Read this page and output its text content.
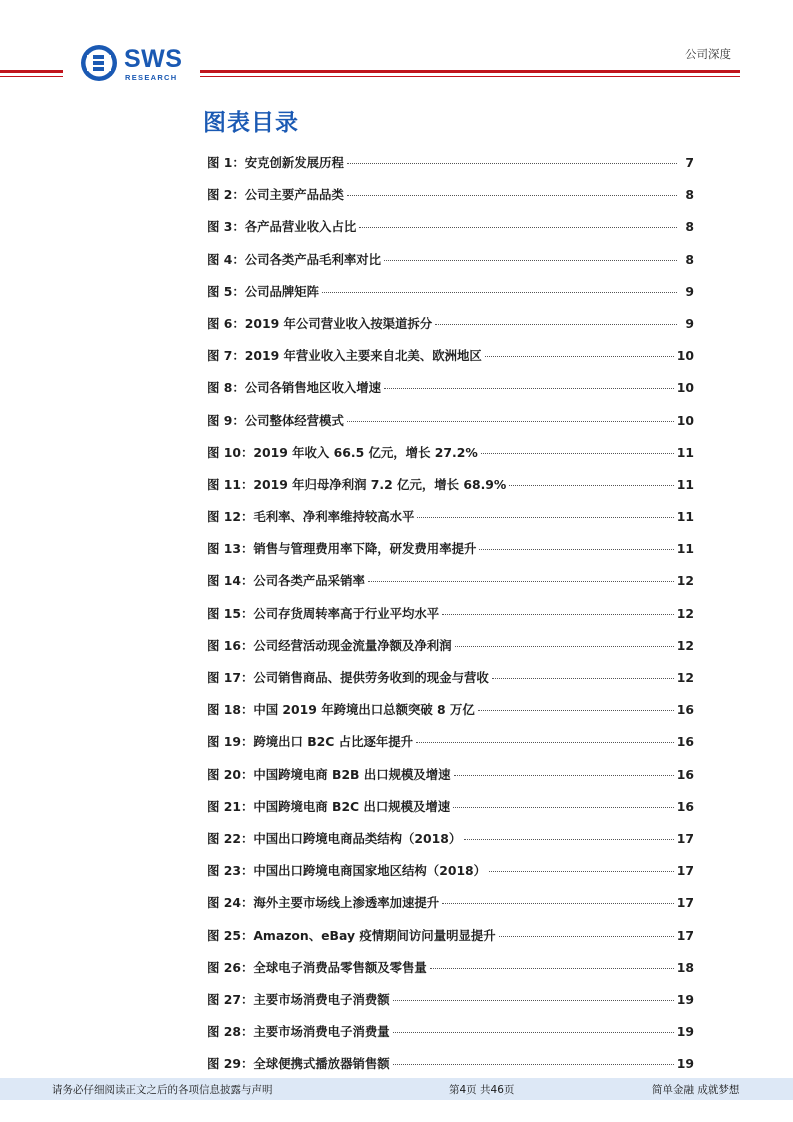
SWS
RESEARCH
公司深度
图表目录
图 1：安克创新发展历程	7
图 2：公司主要产品品类	8
图 3：各产品营业收入占比	8
图 4：公司各类产品毛利率对比	8
图 5：公司品牌矩阵	9
图 6：2019 年公司营业收入按渠道拆分	9
图 7：2019 年营业收入主要来自北美、欧洲地区	10
图 8：公司各销售地区收入增速	10
图 9：公司整体经营模式	10
图 10：2019 年收入 66.5 亿元，增长 27.2%	11
图 11：2019 年归母净利润 7.2 亿元，增长 68.9%	11
图 12：毛利率、净利率维持较高水平	11
图 13：销售与管理费用率下降，研发费用率提升	11
图 14：公司各类产品采销率	12
图 15：公司存货周转率高于行业平均水平	12
图 16：公司经营活动现金流量净额及净利润	12
图 17：公司销售商品、提供劳务收到的现金与营收	12
图 18：中国 2019 年跨境出口总额突破 8 万亿	16
图 19：跨境出口 B2C 占比逐年提升	16
图 20：中国跨境电商 B2B 出口规模及增速	16
图 21：中国跨境电商 B2C 出口规模及增速	16
图 22：中国出口跨境电商品类结构（2018）	17
图 23：中国出口跨境电商国家地区结构（2018）	17
图 24：海外主要市场线上渗透率加速提升	17
图 25：Amazon、eBay 疫情期间访问量明显提升	17
图 26：全球电子消费品零售额及零售量	18
图 27：主要市场消费电子消费额	19
图 28：主要市场消费电子消费量	19
图 29：全球便携式播放器销售额	19
请务必仔细阅读正文之后的各项信息披露与声明	第4页 共46页	简单金融 成就梦想
